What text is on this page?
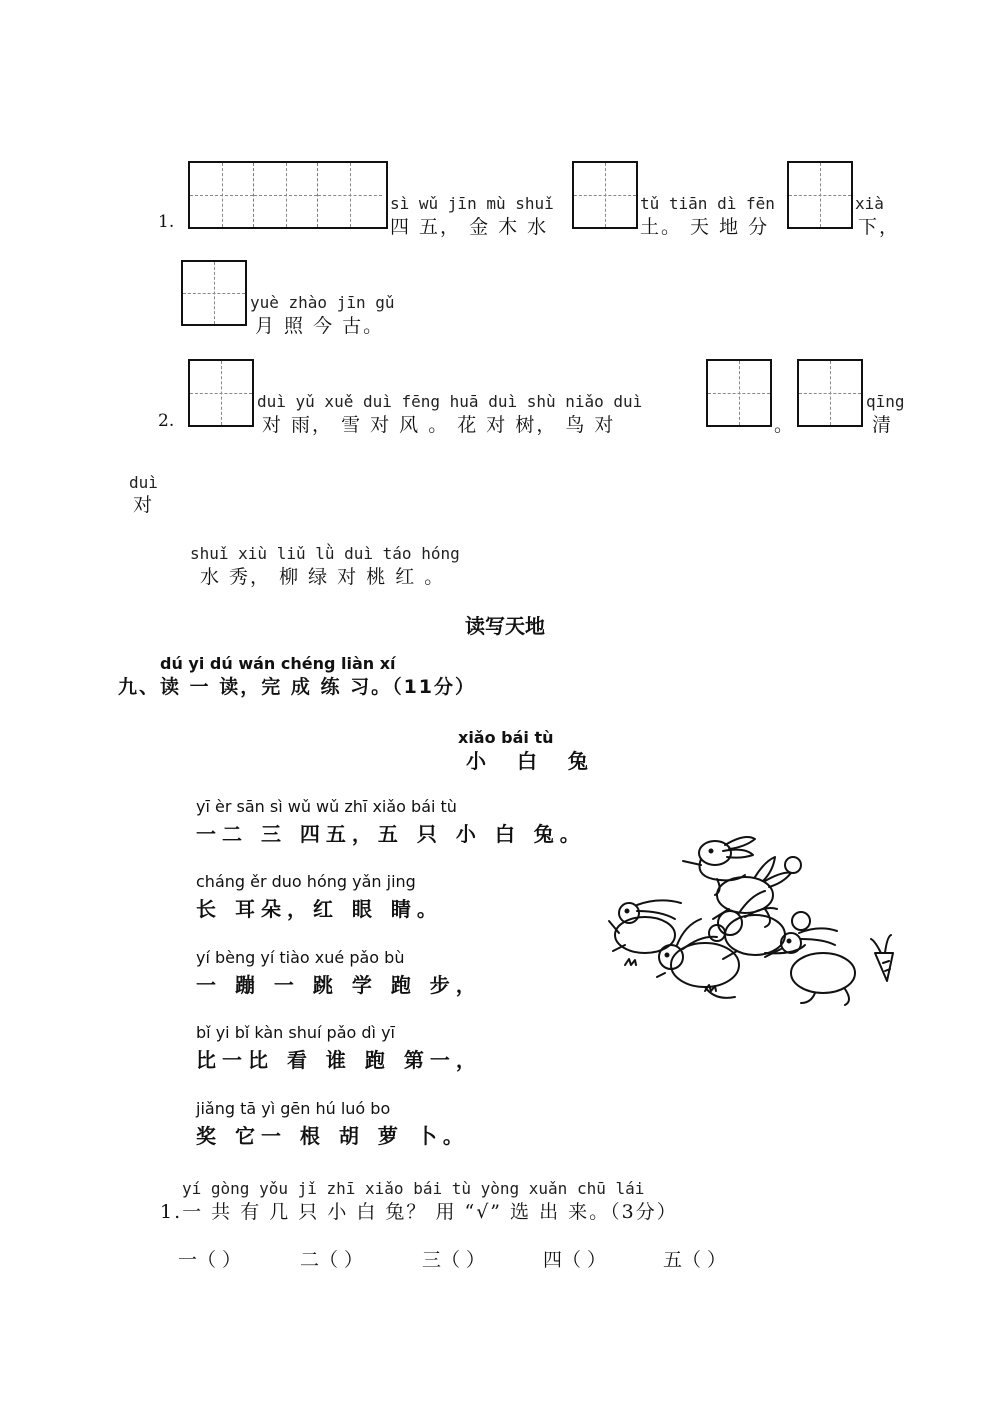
1.
sì wǔ jīn mù shuǐ
四 五， 金 木 水
tǔ tiān dì fēn
土。 天 地 分
xià
下，
yuè zhào jīn gǔ
月 照 今 古。
2.
duì yǔ xuě duì fēng huā duì shù niǎo duì
对 雨， 雪 对 风 。 花 对 树， 鸟 对	。
qīng
清
duì
对
shuǐ xiù liǔ lǜ duì táo hóng
水 秀， 柳 绿 对 桃 红 。
读写天地
dú yi dú wán chéng liàn xí
九、读 一 读，完 成 练 习。（11分）
xiǎo bái tù
小 白 兔
yī èr sān sì wǔ wǔ zhī xiǎo bái tù
一二 三 四五，五 只 小 白 兔。
cháng ěr duo hóng yǎn jing
长 耳朵，红 眼 睛。
yí bèng yí tiào xué pǎo bù
一 蹦 一 跳 学 跑 步，
bǐ yi bǐ kàn shuí pǎo dì yī
比一比 看 谁 跑 第一，
jiǎng tā yì gēn hú luó bo
奖 它一 根 胡 萝 卜。
yí gòng yǒu jǐ zhī xiǎo bái tù yòng xuǎn chū lái
1.一 共 有 几 只 小 白 兔？ 用 “√” 选 出 来。（3分）
一（ ）	二（ ）	三（ ）	四（ ）	五（ ）
